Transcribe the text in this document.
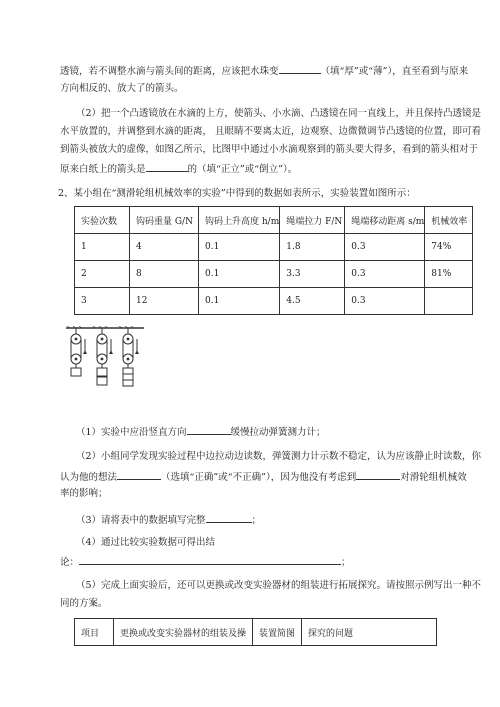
透镜，若不调整水滴与箭头间的距离，应该把水珠变	（填“厚”或“薄”），直至看到与原来
方向相反的、放大了的箭头。
（2）把一个凸透镜放在水滴的上方，使箭头、小水滴、凸透镜在同一直线上，并且保持凸透镜是
水平放置的，并调整到水滴的距离， 且眼睛不要离太近，边观察、边微微调节凸透镜的位置，即可看
到箭头被放大的虚像，如图乙所示，比图甲中通过小水滴观察到的箭头要大得多，看到的箭头相对于
原来白纸上的箭头是	的（填“正立”或“倒立”）。
2、某小组在“测滑轮组机械效率的实验”中得到的数据如表所示，实验装置如图所示：
实验次数	钩码重量 G/N	钩码上升高度 h/m	绳端拉力 F/N	绳端移动距离 s/m	机械效率
1	4	0.1	1.8	0.3	74%
2	8	0.1	3.3	0.3	81%
3	12	0.1	4.5	0.3	
（1）实验中应沿竖直方向	缓慢拉动弹簧测力计；
（2）小组同学发现实验过程中边拉动边读数，弹簧测力计示数不稳定，认为应该静止时读数，你
认为他的想法	（选填“正确”或“不正确”），因为他没有考虑到	对滑轮组机械效
率的影响；
（3）请将表中的数据填写完整	；
（4）通过比较实验数据可得出结
论：	；
（5）完成上面实验后，还可以更换或改变实验器材的组装进行拓展探究。请按照示例写出一种不
同的方案。
项目	更换或改变实验器材的组装及操	装置简图	探究的问题
